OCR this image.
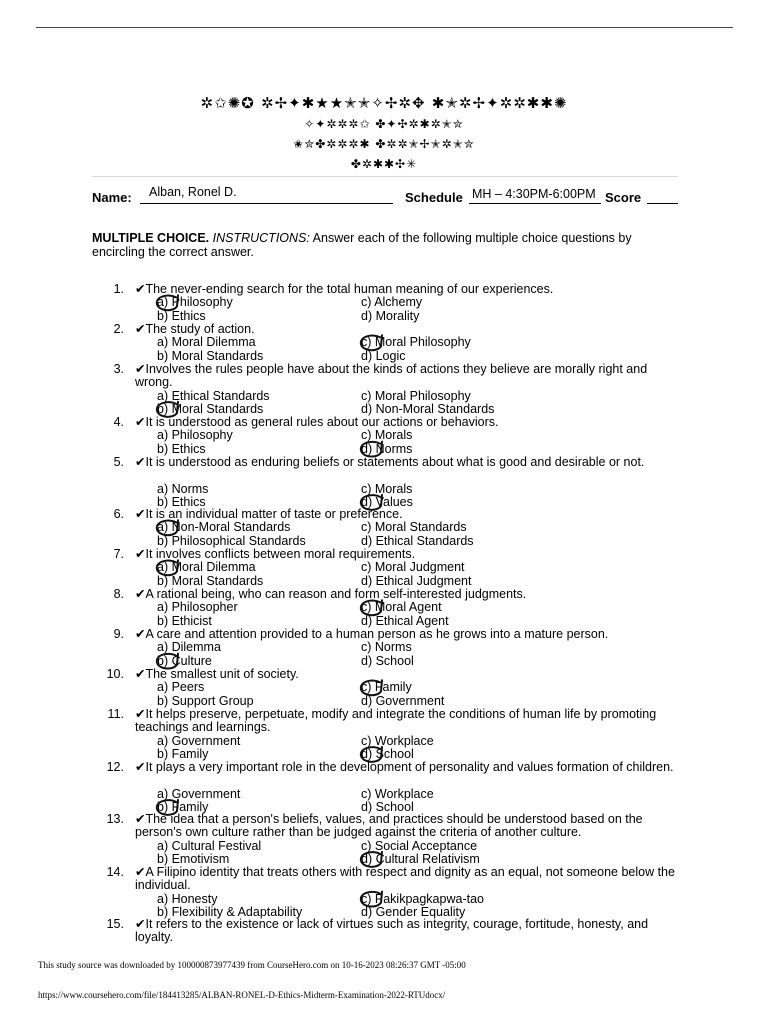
✲✩✺✪ ✲✢✦✱★★✭✭✧✢✲✥ ✱✭✲✢✦✲✲✱✱✺
✧✦✲✲✲✩ ✤✦✣✲✱✲✭✮
✬✮✤✲✲✲✱ ✤✲✲✭✢✭✲✭✮
✤✲✱✱✣✳
Name: Alban, Ronel D.	Schedule MH – 4:30PM-6:00PM Score
MULTIPLE CHOICE. INSTRUCTIONS: Answer each of the following multiple choice questions by encircling the correct answer.
1. ✔The never-ending search for the total human meaning of our experiences.
a) Philosophy
b) Ethics
c) Alchemy
d) Morality
2. ✔The study of action.
a) Moral Dilemma
b) Moral Standards
c) Moral Philosophy
d) Logic
3. ✔Involves the rules people have about the kinds of actions they believe are morally right and wrong.
a) Ethical Standards
b) Moral Standards
c) Moral Philosophy
d) Non-Moral Standards
4. ✔It is understood as general rules about our actions or behaviors.
a) Philosophy
b) Ethics
c) Morals
d) Norms
5. ✔It is understood as enduring beliefs or statements about what is good and desirable or not.
a) Norms
b) Ethics
c) Morals
d) Values
6. ✔It is an individual matter of taste or preference.
a) Non-Moral Standards
b) Philosophical Standards
c) Moral Standards
d) Ethical Standards
7. ✔It involves conflicts between moral requirements.
a) Moral Dilemma
b) Moral Standards
c) Moral Judgment
d) Ethical Judgment
8. ✔A rational being, who can reason and form self-interested judgments.
a) Philosopher
b) Ethicist
c) Moral Agent
d) Ethical Agent
9. ✔A care and attention provided to a human person as he grows into a mature person.
a) Dilemma
b) Culture
c) Norms
d) School
10. ✔The smallest unit of society.
a) Peers
b) Support Group
c) Family
d) Government
11. ✔It helps preserve, perpetuate, modify and integrate the conditions of human life by promoting teachings and learnings.
a) Government
b) Family
c) Workplace
d) School
12. ✔It plays a very important role in the development of personality and values formation of children.
a) Government
b) Family
c) Workplace
d) School
13. ✔The idea that a person's beliefs, values, and practices should be understood based on the person's own culture rather than be judged against the criteria of another culture.
a) Cultural Festival
b) Emotivism
c) Social Acceptance
d) Cultural Relativism
14. ✔A Filipino identity that treats others with respect and dignity as an equal, not someone below the individual.
a) Honesty
b) Flexibility & Adaptability
c) Pakikpagkapwa-tao
d) Gender Equality
15. ✔It refers to the existence or lack of virtues such as integrity, courage, fortitude, honesty, and loyalty.
This study source was downloaded by 100000873977439 from CourseHero.com on 10-16-2023 08:26:37 GMT -05:00
https://www.coursehero.com/file/184413285/ALBAN-RONEL-D-Ethics-Midterm-Examination-2022-RTUdocx/
